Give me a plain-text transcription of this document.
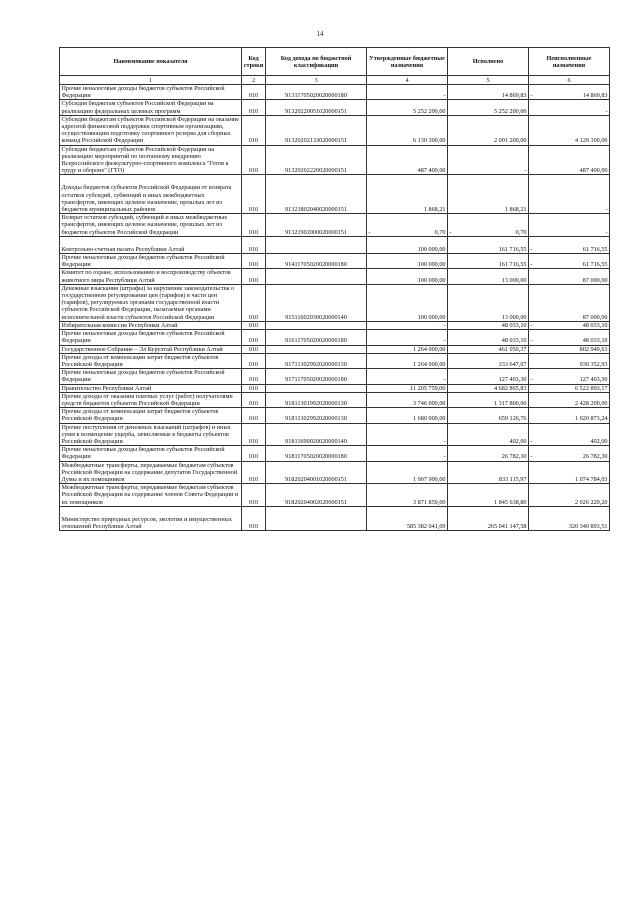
14
Наименование показателя	Код строки	Код дохода по бюджетной классификации	Утвержденные бюджетные назначения	Исполнено	Неисполненные назначения
1	2	3	4	5	6
Прочие неналоговые доходы бюджетов субъектов Российской Федерации	010	91311705020020000180	-	14 869,83	- 14 869,83
Субсидия бюджетам субъектов Российской Федерации на реализацию федеральных целевых программ	010	91320220051020000151	5 252 200,00	5 252 200,00	-
Субсидии бюджетам субъектов Российской Федерации на оказание адресной финансовой поддержки спортивным организациям, осуществляющим подготовку спортивного резерва для сборных команд Российской Федерации	010	91320202133020000151	6 130 300,00	2 001 200,00	4 129 100,00
Субсидии бюджетам субъектов Российской Федерации на реализацию мероприятий по поэтапному внедрению Всероссийского физкультурно-спортивного комплекса "Готов к труду и обороне" (ГТО)	010	91320202220020000151	487 400,00	-	487 400,00
Доходы бюджетов субъектов Российской Федерации от возврата остатков субсидий, субвенций и иных межбюджетных трансфертов, имеющих целевое назначение, прошлых лет из бюджетов муниципальных районов	010	91321802040020000151	1 868,21	1 868,21	-
Возврат остатков субсидий, субвенций и иных межбюджетных трансфертов, имеющих целевое назначение, прошлых лет из бюджетов субъектов Российской Федерации	010	91321902000020000151	- 0,70	- 0,70	-
Контрольно-счетная палата Республики Алтай	010		100 000,00	161 716,55	- 61 716,55
Прочие неналоговые доходы бюджетов субъектов Российской Федерации	010	91411705020020000180	100 000,00	161 716,55	- 61 716,55
Комитет по охране, использованию и воспроизводству объектов животного мира Республики Алтай	010		100 000,00	13 000,00	87 000,00
Денежные взыскания (штрафы) за нарушение законодательства о государственном регулировании цен (тарифов) в части цен (тарифов), регулируемых органами государственной власти субъектов Российской Федерации, налагаемые органами исполнительной власти субъектов Российской Федерации	010	91511602030020000140	100 000,00	13 000,00	87 000,00
Избирательная комиссия Республики Алтай	010		-	48 033,10	- 48 033,10
Прочие неналоговые доходы бюджетов субъектов Российской Федерации	010	91611705020020000180	-	48 033,10	- 48 033,10
Государственное Собрание – Эл Курултай Республики Алтай	010		1 264 000,00	461 050,37	802 949,63
Прочие доходы от компенсации затрат бюджетов субъектов Российской Федерации	010	91711302992020000130	1 264 000,00	333 647,07	930 352,93
Прочие неналоговые доходы бюджетов субъектов Российской Федерации	010	91711705020020000180	-	127 403,30	- 127 403,30
Правительство Республики Алтай	010		11 205 759,00	4 682 865,83	6 522 893,17
Прочие доходы от оказания платных услуг (работ) получателями средств бюджетов субъектов Российской Федерации	010	91811301992020000130	3 746 000,00	1 317 800,00	2 428 200,00
Прочие доходы от компенсации затрат бюджетов субъектов Российской Федерации	010	91811302992020000130	1 680 000,00	659 126,76	1 020 873,24
Прочие поступления от денежных взысканий (штрафов) и иных сумм в возмещение ущерба, зачисляемые в бюджеты субъектов Российской Федерации	010	91811690020020000140	-	402,00	- 402,00
Прочие неналоговые доходы бюджетов субъектов Российской Федерации	010	91811705020020000180	-	26 782,30	- 26 782,30
Межбюджетные трансферты, передаваемые бюджетам субъектов Российской Федерации на содержание депутатов Государственной Думы и их помощников	010	91820204001020000151	1 907 900,00	833 115,97	1 074 784,03
Межбюджетные трансферты, передаваемые бюджетам субъектов Российской Федерации на содержание членов Совета Федерации и их помощников	010	91820204002020000151	3 871 859,00	1 845 638,80	2 026 220,20
Министерство природных ресурсов, экологии и имущественных отношений Республики Алтай	010		585 382 041,09	265 041 147,58	320 340 893,51
